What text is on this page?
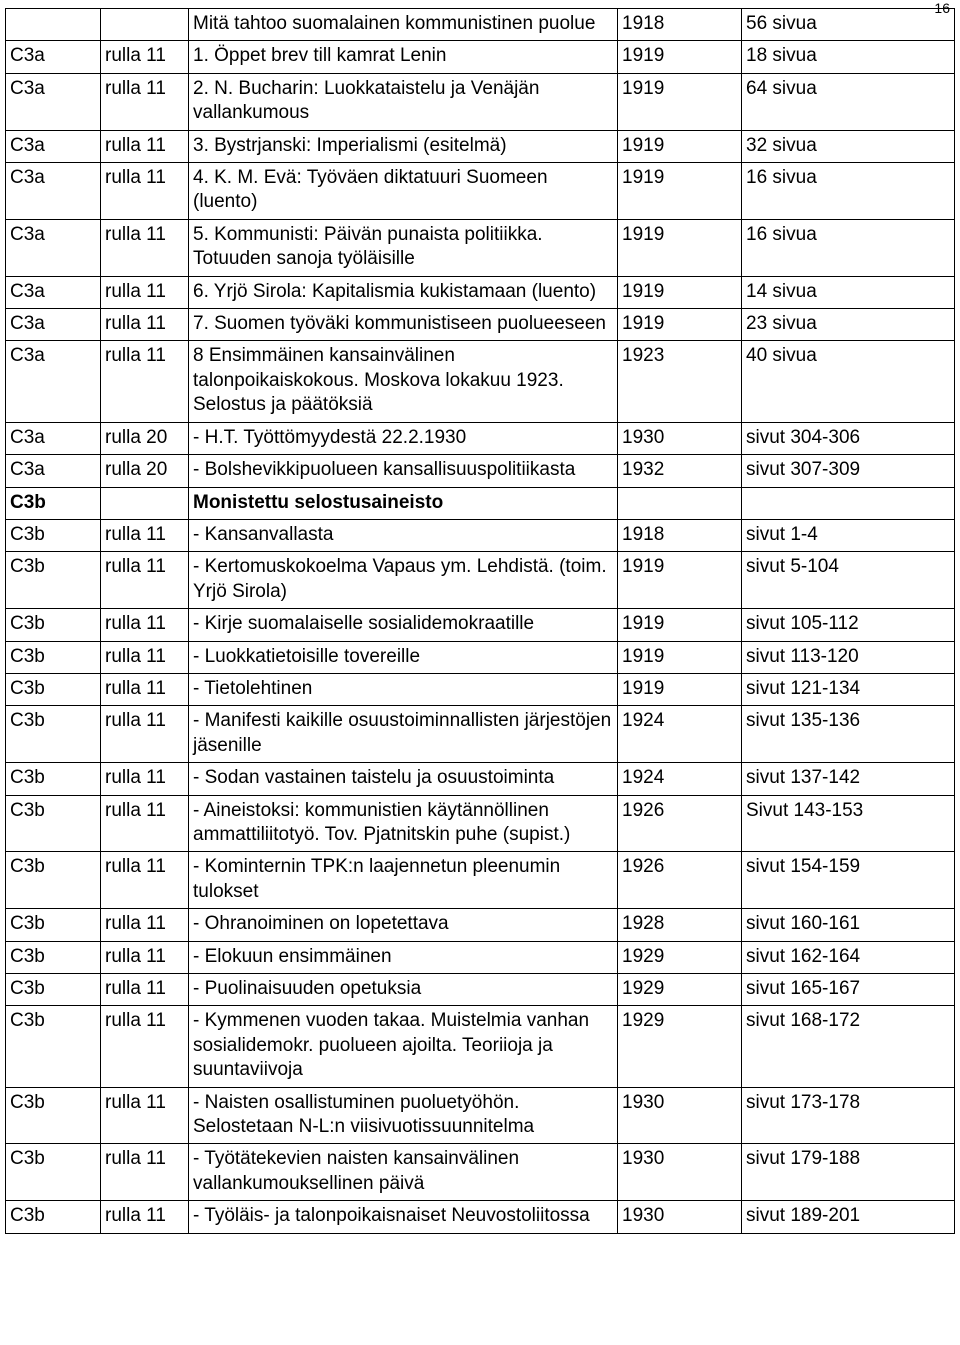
16
		Mitä tahtoo suomalainen kommunistinen puolue	1918	56 sivua
C3a	rulla 11	1. Öppet brev till kamrat Lenin	1919	18 sivua
C3a	rulla 11	2. N. Bucharin: Luokkataistelu ja Venäjän vallankumous	1919	64 sivua
C3a	rulla 11	3. Bystrjanski: Imperialismi (esitelmä)	1919	32 sivua
C3a	rulla 11	4. K. M. Evä: Työväen diktatuuri Suomeen (luento)	1919	16 sivua
C3a	rulla 11	5. Kommunisti: Päivän punaista politiikka. Totuuden sanoja työläisille	1919	16 sivua
C3a	rulla 11	6. Yrjö Sirola: Kapitalismia kukistamaan (luento)	1919	14 sivua
C3a	rulla 11	7. Suomen työväki kommunistiseen puolueeseen	1919	23 sivua
C3a	rulla 11	8 Ensimmäinen kansainvälinen talonpoikaiskokous. Moskova lokakuu 1923. Selostus ja päätöksiä	1923	40 sivua
C3a	rulla 20	- H.T. Työttömyydestä 22.2.1930	1930	sivut 304-306
C3a	rulla 20	- Bolshevikkipuolueen kansallisuuspolitiikasta	1932	sivut 307-309
C3b		Monistettu selostusaineisto		
C3b	rulla 11	- Kansanvallasta	1918	sivut 1-4
C3b	rulla 11	- Kertomuskokoelma Vapaus ym. Lehdistä. (toim. Yrjö Sirola)	1919	sivut 5-104
C3b	rulla 11	- Kirje suomalaiselle sosialidemokraatille	1919	sivut 105-112
C3b	rulla 11	- Luokkatietoisille tovereille	1919	sivut 113-120
C3b	rulla 11	- Tietolehtinen	1919	sivut 121-134
C3b	rulla 11	- Manifesti kaikille osuustoiminnallisten järjestöjen jäsenille	1924	sivut 135-136
C3b	rulla 11	- Sodan vastainen taistelu ja osuustoiminta	1924	sivut 137-142
C3b	rulla 11	- Aineistoksi: kommunistien käytännöllinen ammattiliitotyö. Tov. Pjatnitskin puhe (supist.)	1926	Sivut 143-153
C3b	rulla 11	- Kominternin TPK:n laajennetun pleenumin tulokset	1926	sivut 154-159
C3b	rulla 11	- Ohranoiminen on lopetettava	1928	sivut 160-161
C3b	rulla 11	- Elokuun ensimmäinen	1929	sivut 162-164
C3b	rulla 11	- Puolinaisuuden opetuksia	1929	sivut 165-167
C3b	rulla 11	- Kymmenen vuoden takaa. Muistelmia vanhan sosialidemokr. puolueen ajoilta. Teoriioja ja suuntaviivoja	1929	sivut 168-172
C3b	rulla 11	- Naisten osallistuminen puoluetyöhön. Selostetaan N-L:n viisivuotissuunnitelma	1930	sivut 173-178
C3b	rulla 11	- Työtätekevien naisten kansainvälinen vallankumouksellinen päivä	1930	sivut 179-188
C3b	rulla 11	- Työläis- ja talonpoikaisnaiset Neuvostoliitossa	1930	sivut 189-201
